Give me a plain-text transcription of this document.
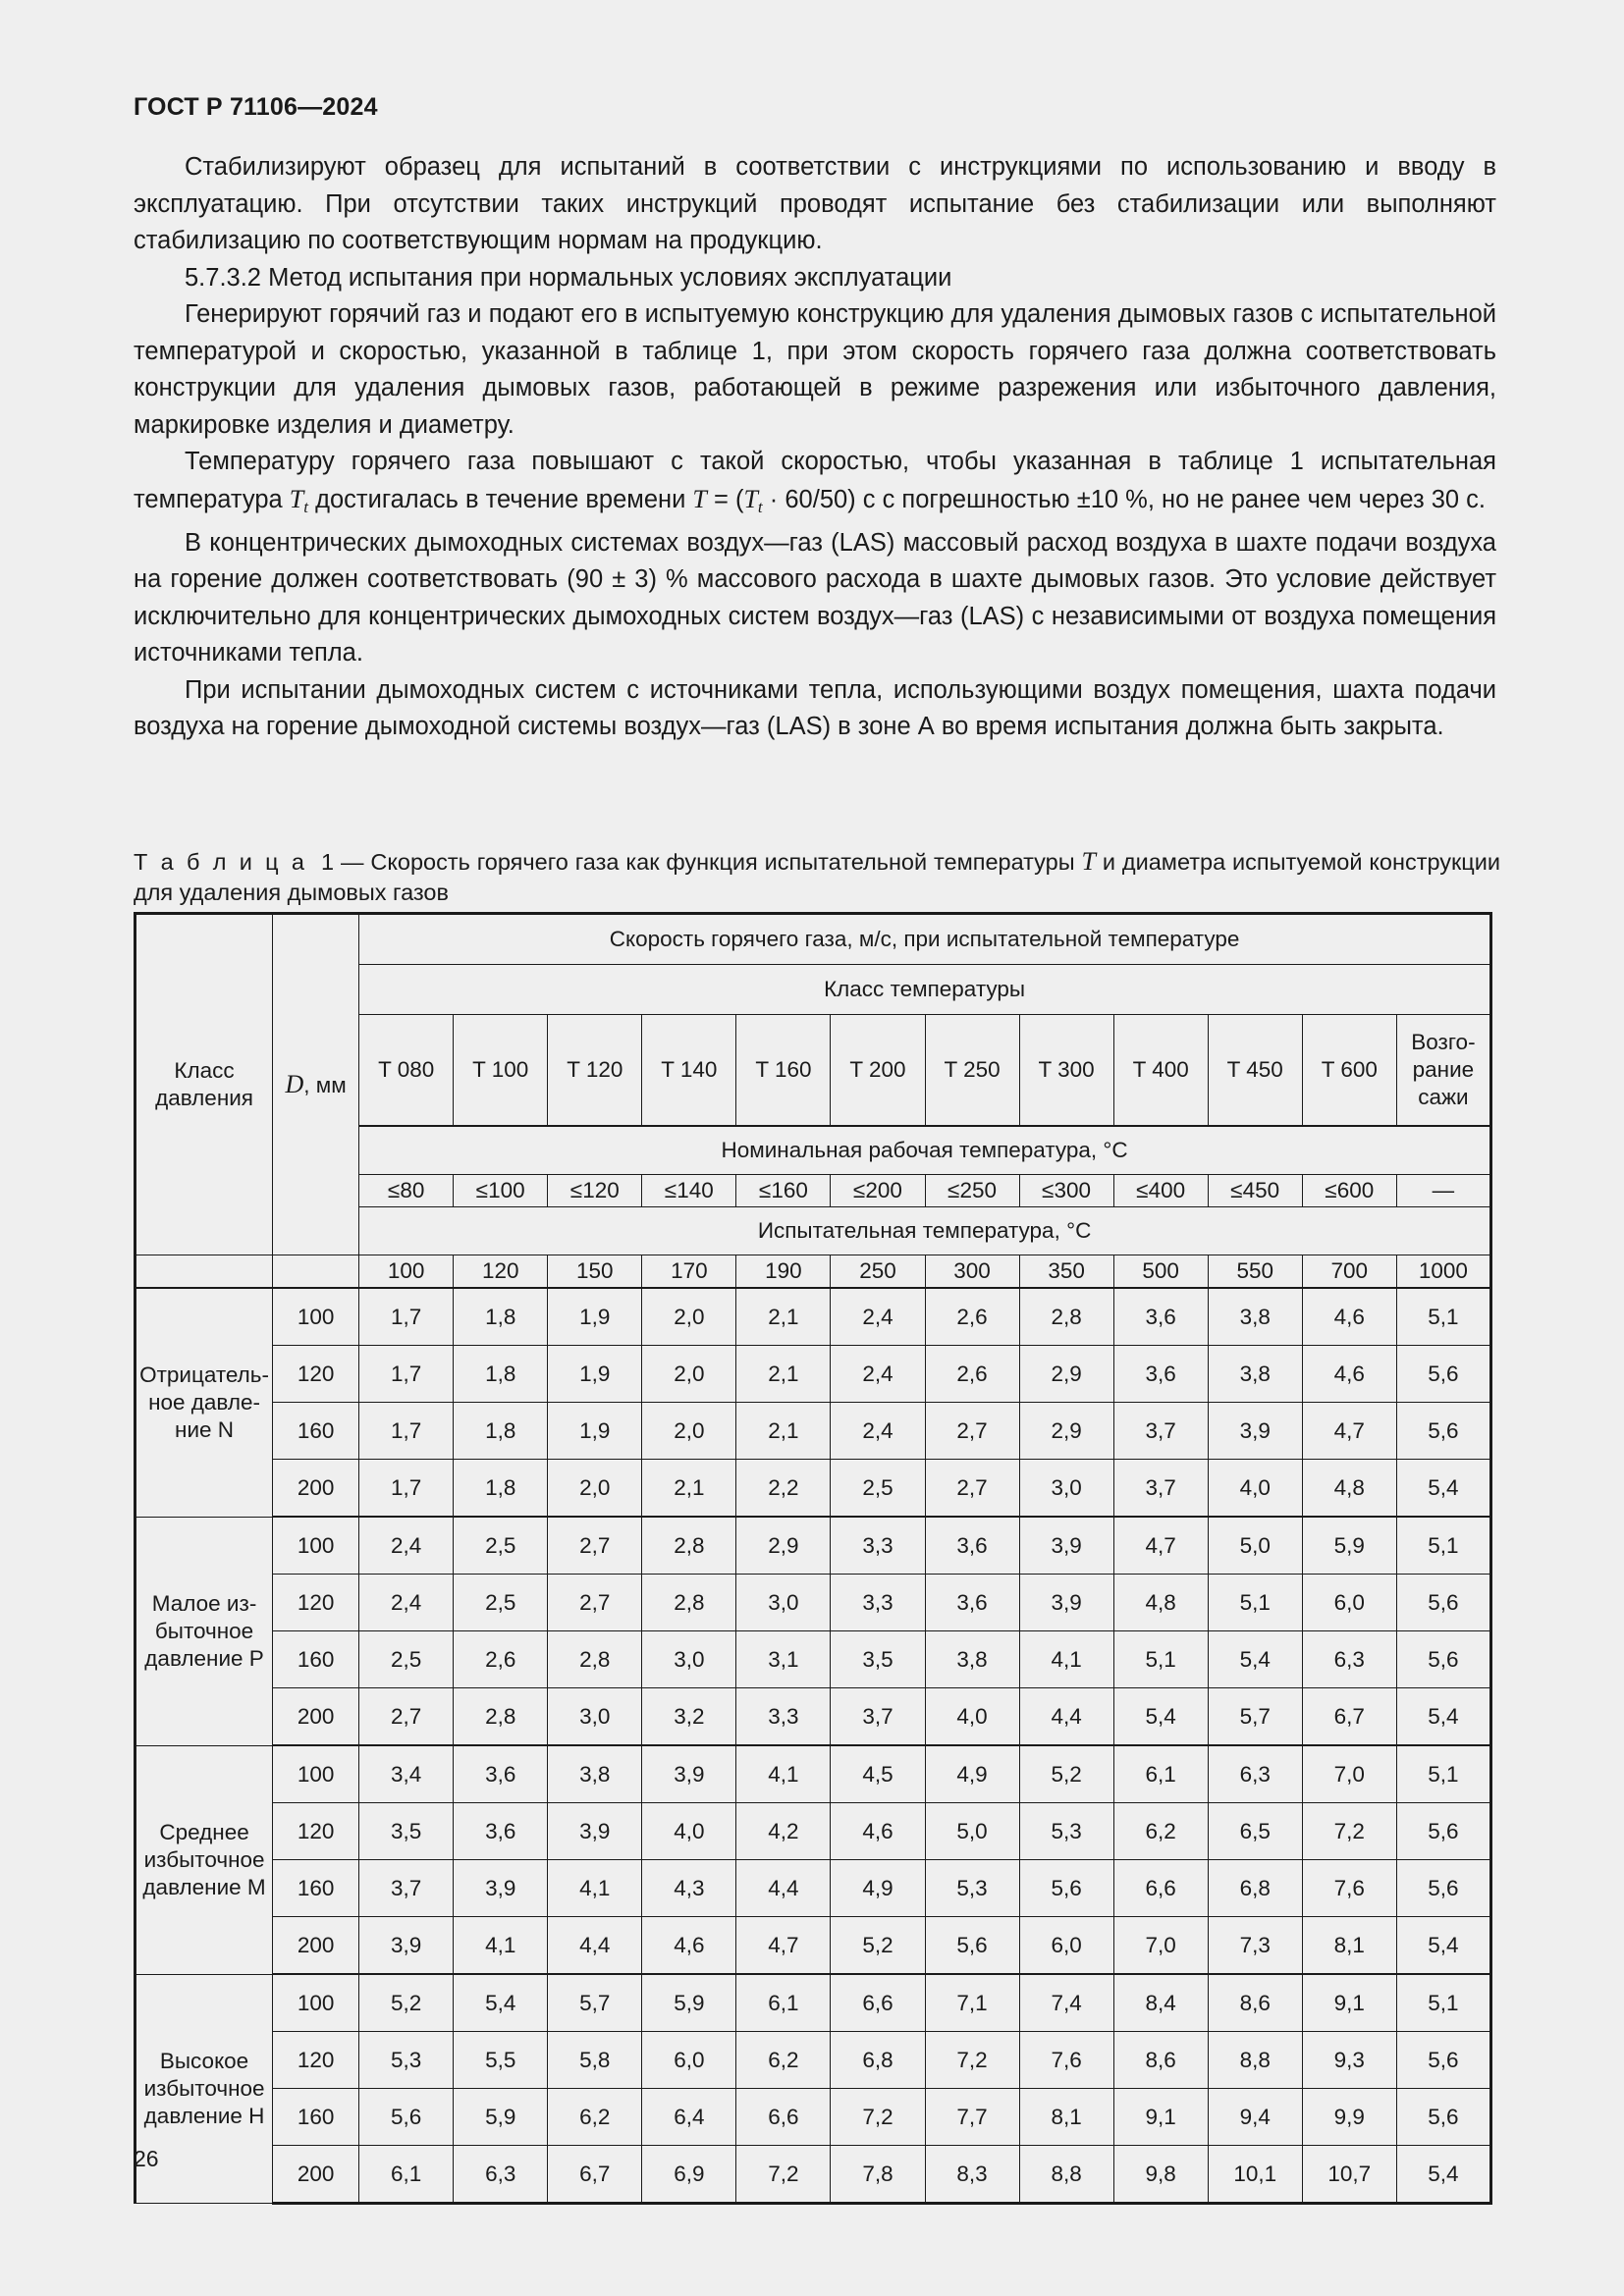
ГОСТ Р 71106—2024

Стабилизируют образец для испытаний в соответствии с инструкциями по использованию и вводу в эксплуатацию. При отсутствии таких инструкций проводят испытание без стабилизации или выполняют стабилизацию по соответствующим нормам на продукцию.

5.7.3.2 Метод испытания при нормальных условиях эксплуатации

Генерируют горячий газ и подают его в испытуемую конструкцию для удаления дымовых газов с испытательной температурой и скоростью, указанной в таблице 1, при этом скорость горячего газа должна соответствовать конструкции для удаления дымовых газов, работающей в режиме разрежения или избыточного давления, маркировке изделия и диаметру.

Температуру горячего газа повышают с такой скоростью, чтобы указанная в таблице 1 испытательная температура $T_t$ достигалась в течение времени $T = (T_t \cdot 60/50)$ с с погрешностью ±10 %, но не ранее чем через 30 с.

В концентрических дымоходных системах воздух—газ (LAS) массовый расход воздуха в шахте подачи воздуха на горение должен соответствовать (90 ± 3) % массового расхода в шахте дымовых газов. Это условие действует исключительно для концентрических дымоходных систем воздух—газ (LAS) с независимыми от воздуха помещения источниками тепла.

При испытании дымоходных систем с источниками тепла, использующими воздух помещения, шахта подачи воздуха на горение дымоходной системы воздух—газ (LAS) в зоне А во время испытания должна быть закрыта.

Т а б л и ц а 1 — Скорость горячего газа как функция испытательной температуры T и диаметра испытуемой конструкции для удаления дымовых газов
Класс
давления	D, мм	Скорость горячего газа, м/с, при испытательной температуре											
		Класс температуры											
		T 080	T 100	T 120	T 140	T 160	T 200	T 250	T 300	T 400	T 450	T 600	Возго-
рание
сажи

		Номинальная рабочая температура, °C											
		≤80	≤100	≤120	≤140	≤160	≤200	≤250	≤300	≤400	≤450	≤600	—
		Испытательная температура, °C											
		100	120	150	170	190	250	300	350	500	550	700	1000

Отрицатель-
ное давле-
ние N	100	1,7	1,8	1,9	2,0	2,1	2,4	2,6	2,8	3,6	3,8	4,6	5,1
	120	1,7	1,8	1,9	2,0	2,1	2,4	2,6	2,9	3,6	3,8	4,6	5,6
	160	1,7	1,8	1,9	2,0	2,1	2,4	2,7	2,9	3,7	3,9	4,7	5,6
	200	1,7	1,8	2,0	2,1	2,2	2,5	2,7	3,0	3,7	4,0	4,8	5,4

Малое из-
быточное
давление P	100	2,4	2,5	2,7	2,8	2,9	3,3	3,6	3,9	4,7	5,0	5,9	5,1
	120	2,4	2,5	2,7	2,8	3,0	3,3	3,6	3,9	4,8	5,1	6,0	5,6
	160	2,5	2,6	2,8	3,0	3,1	3,5	3,8	4,1	5,1	5,4	6,3	5,6
	200	2,7	2,8	3,0	3,2	3,3	3,7	4,0	4,4	5,4	5,7	6,7	5,4

Среднее
избыточное
давление M	100	3,4	3,6	3,8	3,9	4,1	4,5	4,9	5,2	6,1	6,3	7,0	5,1
	120	3,5	3,6	3,9	4,0	4,2	4,6	5,0	5,3	6,2	6,5	7,2	5,6
	160	3,7	3,9	4,1	4,3	4,4	4,9	5,3	5,6	6,6	6,8	7,6	5,6
	200	3,9	4,1	4,4	4,6	4,7	5,2	5,6	6,0	7,0	7,3	8,1	5,4

Высокое
избыточное
давление H	100	5,2	5,4	5,7	5,9	6,1	6,6	7,1	7,4	8,4	8,6	9,1	5,1
	120	5,3	5,5	5,8	6,0	6,2	6,8	7,2	7,6	8,6	8,8	9,3	5,6
	160	5,6	5,9	6,2	6,4	6,6	7,2	7,7	8,1	9,1	9,4	9,9	5,6
	200	6,1	6,3	6,7	6,9	7,2	7,8	8,3	8,8	9,8	10,1	10,7	5,4
26
